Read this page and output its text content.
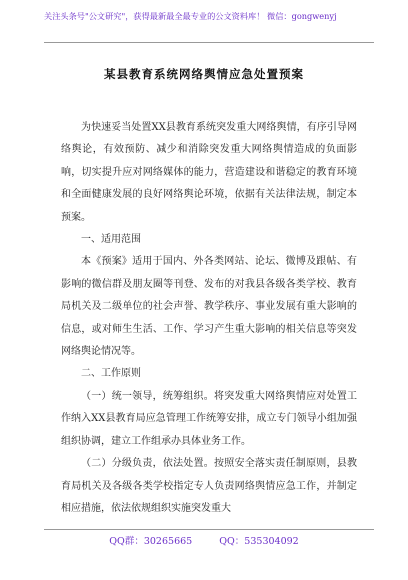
关注头条号"公文研究"，获得最新最全最专业的公文资料库！ 微信：gongwenyj
某县教育系统网络舆情应急处置预案

为快速妥当处置XX县教育系统突发重大网络舆情，有序引导网络舆论，有效预防、减少和消除突发重大网络舆情造成的负面影响，切实提升应对网络媒体的能力，营造建设和谐稳定的教育环境和全面健康发展的良好网络舆论环境，依据有关法律法规，制定本预案。

一、适用范围

本《预案》适用于国内、外各类网站、论坛、微博及跟帖、有影响的微信群及朋友圈等刊登、发布的对我县各级各类学校、教育局机关及二级单位的社会声誉、教学秩序、事业发展有重大影响的信息，或对师生生活、工作、学习产生重大影响的相关信息等突发网络舆论情况等。

二、工作原则

（一）统一领导，统筹组织。将突发重大网络舆情应对处置工作纳入XX县教育局应急管理工作统筹安排，成立专门领导小组加强组织协调，建立工作组承办具体业务工作。

（二）分级负责，依法处置。按照安全落实责任制原则，县教育局机关及各级各类学校指定专人负责网络舆情应急工作，并制定相应措施，依法依规组织实施突发重大

QQ群：30265665	QQ：535304092
